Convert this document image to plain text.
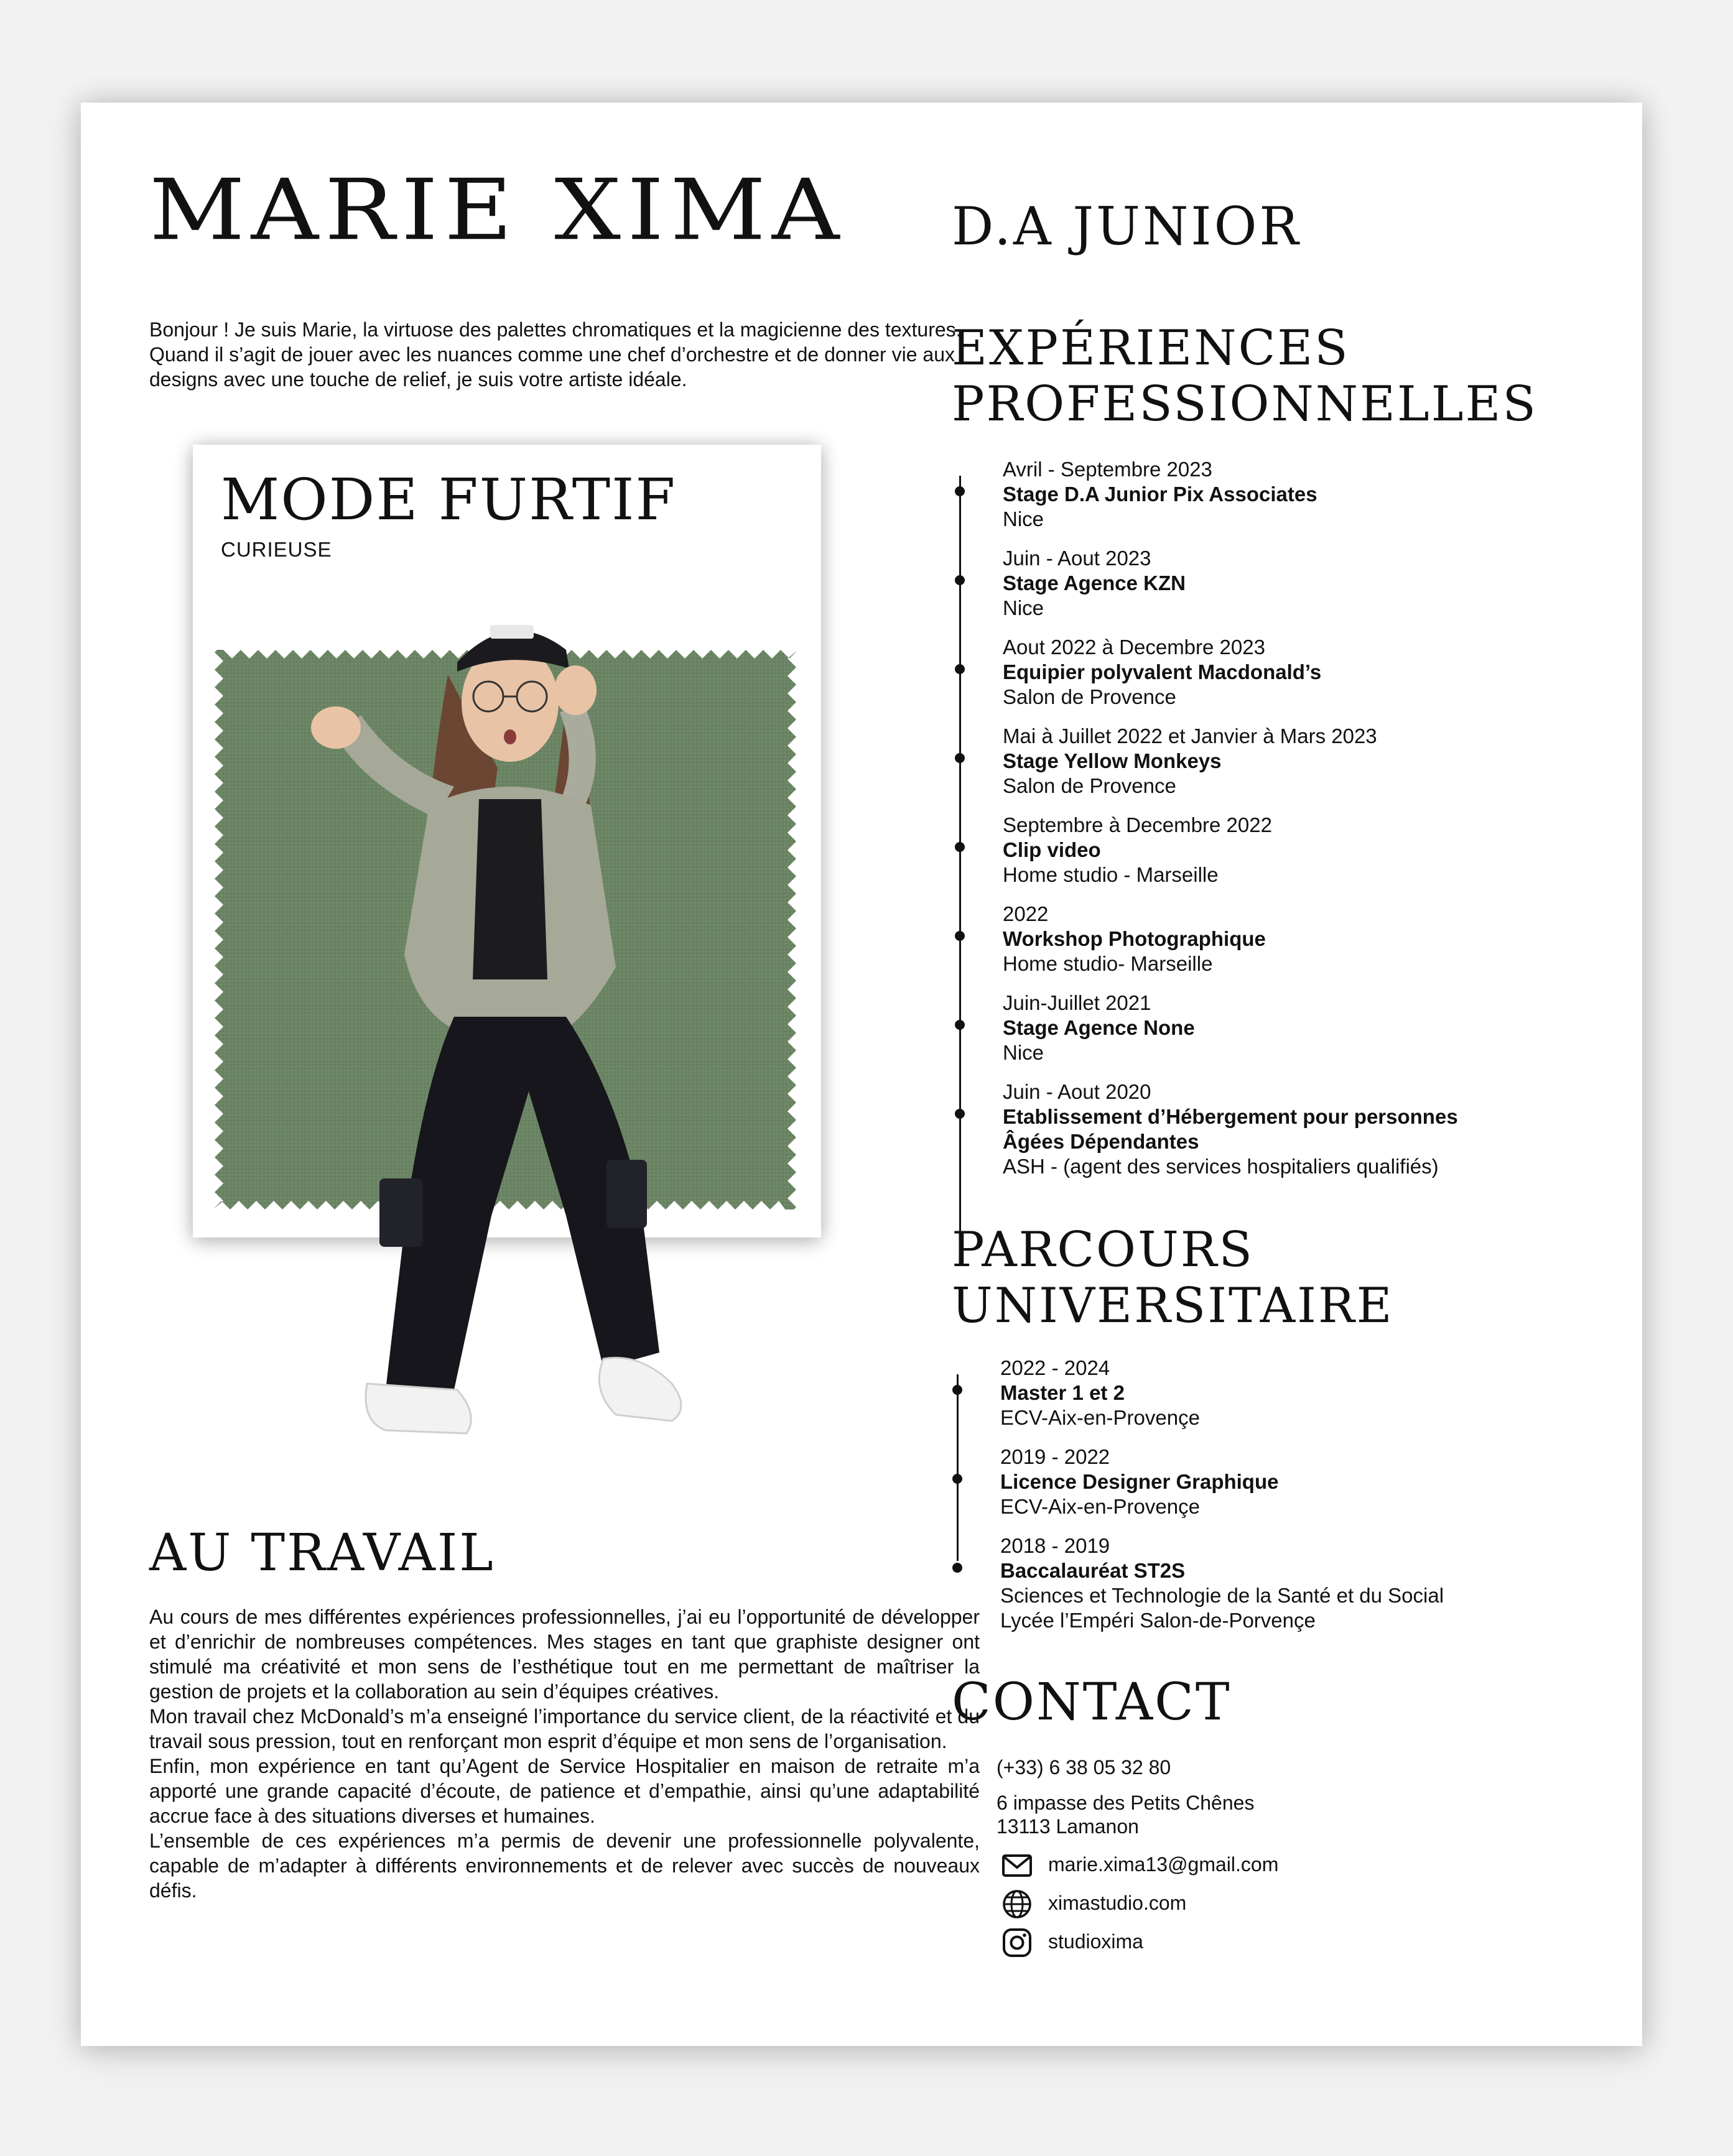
MARIE XIMA D.A JUNIOR
Bonjour ! Je suis Marie, la virtuose des palettes chromatiques et la magicienne des textures. Quand il s’agit de jouer avec les nuances comme une chef d’orchestre et de donner vie aux designs avec une touche de relief, je suis votre artiste idéale.
MODE FURTIF
CURIEUSE
AU TRAVAIL

Au cours de mes différentes expériences professionnelles, j’ai eu l’opportunité de développer et d’enrichir de nombreuses compétences. Mes stages en tant que graphiste designer ont stimulé ma créativité et mon sens de l’esthétique tout en me permettant de maîtriser la gestion de projets et la collaboration au sein d’équipes créatives.

Mon travail chez McDonald’s m’a enseigné l’importance du service client, de la réactivité et du travail sous pression, tout en renforçant mon esprit d’équipe et mon sens de l’organisation.

Enfin, mon expérience en tant qu’Agent de Service Hospitalier en maison de retraite m’a apporté une grande capacité d’écoute, de patience et d’empathie, ainsi qu’une adaptabilité accrue face à des situations diverses et humaines.

L’ensemble de ces expériences m’a permis de devenir une professionnelle polyvalente, capable de m’adapter à différents environnements et de relever avec succès de nouveaux défis.

EXPÉRIENCES
PROFESSIONNELLES
Avril - Septembre 2023
Stage D.A Junior Pix Associates
Nice
Juin - Aout 2023
Stage Agence KZN
Nice
Aout 2022 à Decembre 2023
Equipier polyvalent Macdonald’s
Salon de Provence
Mai à Juillet 2022 et Janvier à Mars 2023
Stage Yellow Monkeys
Salon de Provence
Septembre à Decembre 2022
Clip video
Home studio - Marseille
2022
Workshop Photographique
Home studio- Marseille
Juin-Juillet 2021
Stage Agence None
Nice
Juin - Aout 2020
Etablissement d’Hébergement pour personnes
Âgées Dépendantes
ASH - (agent des services hospitaliers qualifiés)
PARCOURS
UNIVERSITAIRE
2022 - 2024
Master 1 et 2
ECV-Aix-en-Provençe
2019 - 2022
Licence Designer Graphique
ECV-Aix-en-Provençe
2018 - 2019
Baccalauréat ST2S
Sciences et Technologie de la Santé et du Social
Lycée l’Empéri Salon-de-Porvençe
CONTACT
(+33) 6 38 05 32 80
6 impasse des Petits Chênes
13113 Lamanon
marie.xima13@gmail.com
ximastudio.com
studioxima
